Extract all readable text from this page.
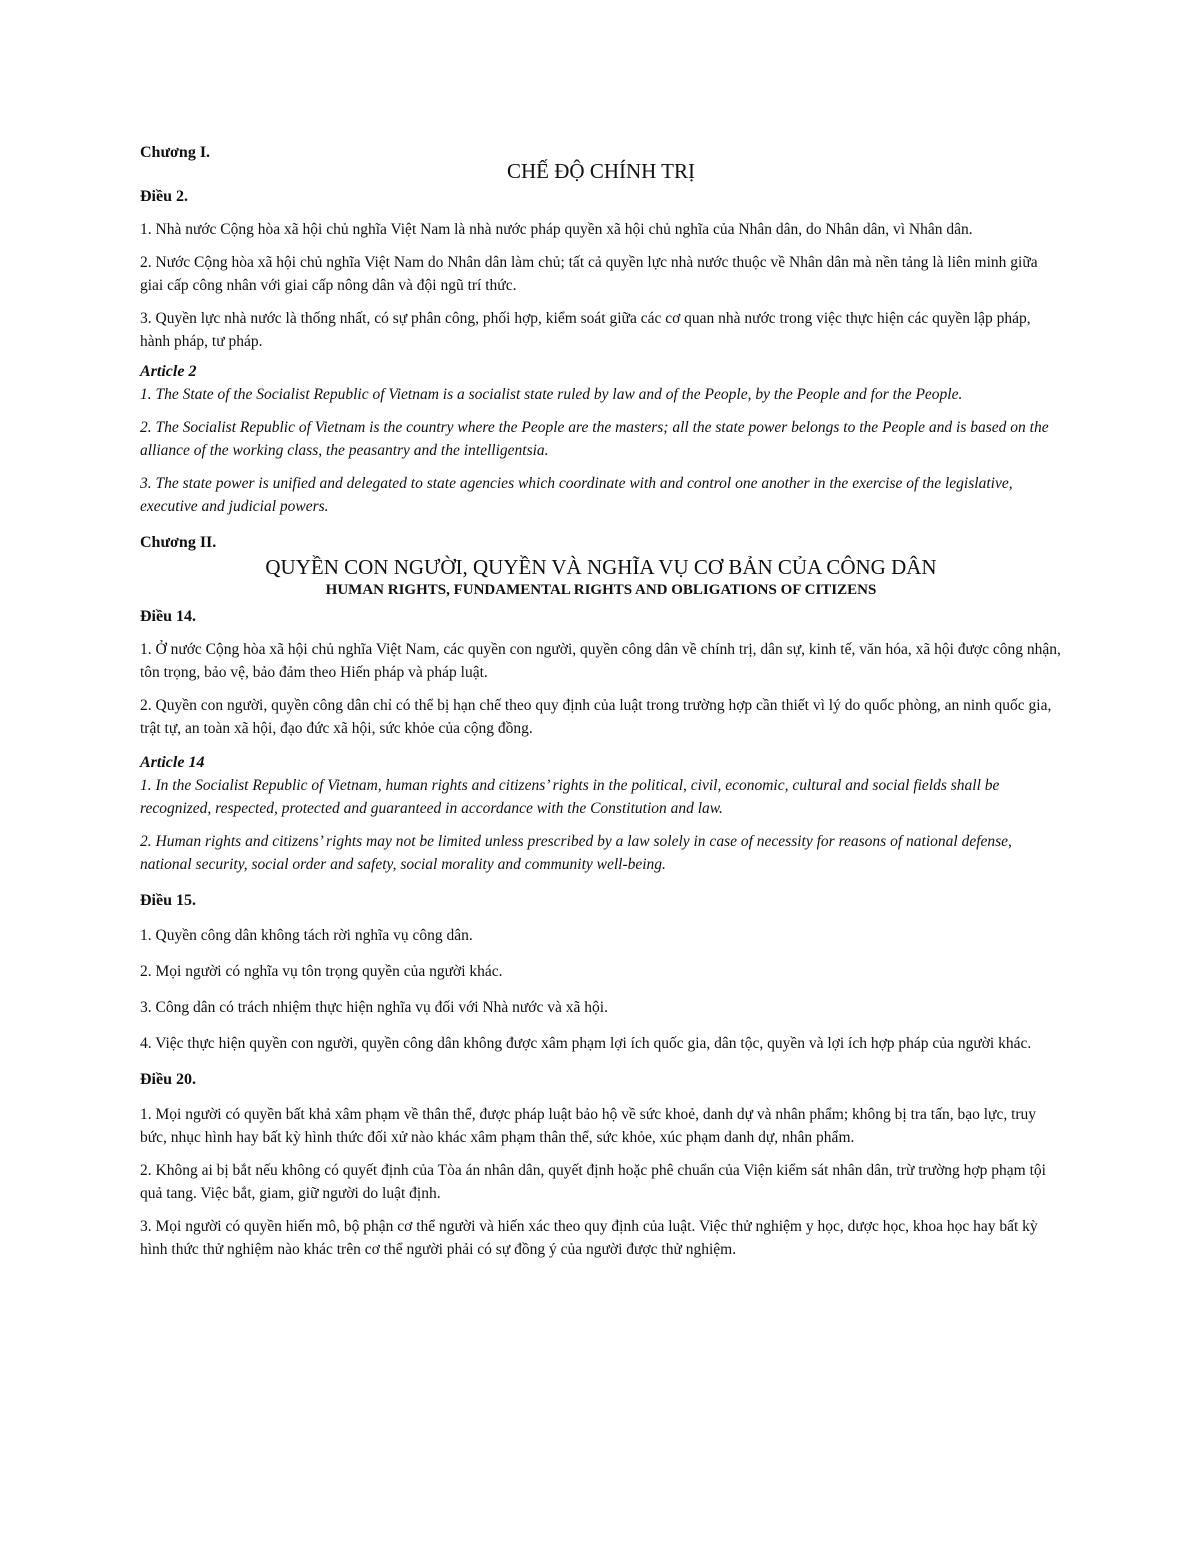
Chương I.

CHẾ ĐỘ CHÍNH TRỊ

Điều 2.

1. Nhà nước Cộng hòa xã hội chủ nghĩa Việt Nam là nhà nước pháp quyền xã hội chủ nghĩa của Nhân dân, do Nhân dân, vì Nhân dân.

2. Nước Cộng hòa xã hội chủ nghĩa Việt Nam do Nhân dân làm chủ; tất cả quyền lực nhà nước thuộc về Nhân dân mà nền tảng là liên minh giữa giai cấp công nhân với giai cấp nông dân và đội ngũ trí thức.

3. Quyền lực nhà nước là thống nhất, có sự phân công, phối hợp, kiểm soát giữa các cơ quan nhà nước trong việc thực hiện các quyền lập pháp, hành pháp, tư pháp.

Article 2

1. The State of the Socialist Republic of Vietnam is a socialist state ruled by law and of the People, by the People and for the People.

2. The Socialist Republic of Vietnam is the country where the People are the masters; all the state power belongs to the People and is based on the alliance of the working class, the peasantry and the intelligentsia.

3. The state power is unified and delegated to state agencies which coordinate with and control one another in the exercise of the legislative, executive and judicial powers.

Chương II.

QUYỀN CON NGƯỜI, QUYỀN VÀ NGHĨA VỤ CƠ BẢN CỦA CÔNG DÂN
HUMAN RIGHTS, FUNDAMENTAL RIGHTS AND OBLIGATIONS OF CITIZENS

Điều 14.

1. Ở nước Cộng hòa xã hội chủ nghĩa Việt Nam, các quyền con người, quyền công dân về chính trị, dân sự, kinh tế, văn hóa, xã hội được công nhận, tôn trọng, bảo vệ, bảo đảm theo Hiến pháp và pháp luật.

2. Quyền con người, quyền công dân chỉ có thể bị hạn chế theo quy định của luật trong trường hợp cần thiết vì lý do quốc phòng, an ninh quốc gia, trật tự, an toàn xã hội, đạo đức xã hội, sức khỏe của cộng đồng.

Article 14

1. In the Socialist Republic of Vietnam, human rights and citizens’ rights in the political, civil, economic, cultural and social fields shall be recognized, respected, protected and guaranteed in accordance with the Constitution and law.

2. Human rights and citizens’ rights may not be limited unless prescribed by a law solely in case of necessity for reasons of national defense, national security, social order and safety, social morality and community well-being.

Điều 15.

1. Quyền công dân không tách rời nghĩa vụ công dân.

2. Mọi người có nghĩa vụ tôn trọng quyền của người khác.

3. Công dân có trách nhiệm thực hiện nghĩa vụ đối với Nhà nước và xã hội.

4. Việc thực hiện quyền con người, quyền công dân không được xâm phạm lợi ích quốc gia, dân tộc, quyền và lợi ích hợp pháp của người khác.

Điều 20.

1. Mọi người có quyền bất khả xâm phạm về thân thể, được pháp luật bảo hộ về sức khoẻ, danh dự và nhân phẩm; không bị tra tấn, bạo lực, truy bức, nhục hình hay bất kỳ hình thức đối xử nào khác xâm phạm thân thể, sức khỏe, xúc phạm danh dự, nhân phẩm.

2. Không ai bị bắt nếu không có quyết định của Tòa án nhân dân, quyết định hoặc phê chuẩn của Viện kiểm sát nhân dân, trừ trường hợp phạm tội quả tang. Việc bắt, giam, giữ người do luật định.

3. Mọi người có quyền hiến mô, bộ phận cơ thể người và hiến xác theo quy định của luật. Việc thử nghiệm y học, dược học, khoa học hay bất kỳ hình thức thử nghiệm nào khác trên cơ thể người phải có sự đồng ý của người được thử nghiệm.
